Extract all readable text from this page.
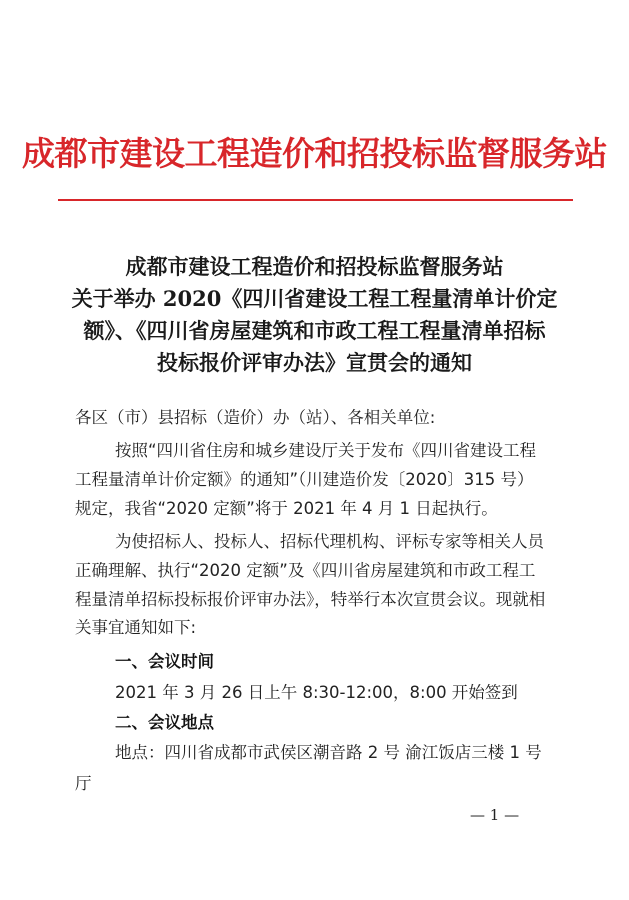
成都市建设工程造价和招投标监督服务站
成都市建设工程造价和招投标监督服务站
关于举办 2020《四川省建设工程工程量清单计价定
额》、《四川省房屋建筑和市政工程工程量清单招标
投标报价评审办法》宣贯会的通知
各区（市）县招标（造价）办（站）、各相关单位:
按照“四川省住房和城乡建设厅关于发布《四川省建设工程
工程量清单计价定额》的通知”（川建造价发〔2020〕315 号）
规定，我省“2020 定额”将于 2021 年 4 月 1 日起执行。
为使招标人、投标人、招标代理机构、评标专家等相关人员
正确理解、执行“2020 定额”及《四川省房屋建筑和市政工程工
程量清单招标投标报价评审办法》，特举行本次宣贯会议。现就相
关事宜通知如下:
一、会议时间
2021 年 3 月 26 日上午 8:30-12:00，8:00 开始签到
二、会议地点
地点：四川省成都市武侯区潮音路 2 号 渝江饭店三楼 1 号
厅
— 1 —
